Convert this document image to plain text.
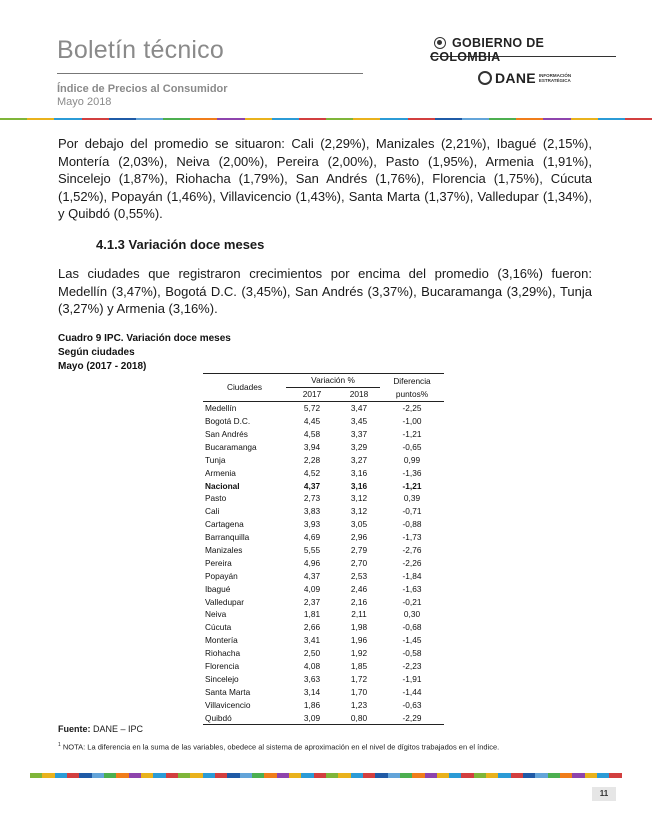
Boletín técnico
Índice de Precios al Consumidor
Mayo 2018
GOBIERNO DE COLOMBIA
DANE INFORMACIÓN ESTRATÉGICA
Por debajo del promedio se situaron: Cali (2,29%), Manizales (2,21%), Ibagué (2,15%), Montería (2,03%), Neiva (2,00%), Pereira (2,00%), Pasto (1,95%), Armenia (1,91%), Sincelejo (1,87%), Riohacha (1,79%), San Andrés (1,76%), Florencia (1,75%), Cúcuta (1,52%), Popayán (1,46%), Villavicencio (1,43%), Santa Marta (1,37%), Valledupar (1,34%), y Quibdó (0,55%).
4.1.3 Variación doce meses
Las ciudades que registraron crecimientos por encima del promedio (3,16%) fueron: Medellín (3,47%), Bogotá D.C. (3,45%), San Andrés (3,37%), Bucaramanga (3,29%), Tunja (3,27%) y Armenia (3,16%).
Cuadro 9 IPC. Variación doce meses
Según ciudades
Mayo (2017 - 2018)
Ciudades	Variación %		Diferencia
	2017	2018	puntos%
Medellín	5,72	3,47	-2,25
Bogotá D.C.	4,45	3,45	-1,00
San Andrés	4,58	3,37	-1,21
Bucaramanga	3,94	3,29	-0,65
Tunja	2,28	3,27	0,99
Armenia	4,52	3,16	-1,36
Nacional	4,37	3,16	-1,21
Pasto	2,73	3,12	0,39
Cali	3,83	3,12	-0,71
Cartagena	3,93	3,05	-0,88
Barranquilla	4,69	2,96	-1,73
Manizales	5,55	2,79	-2,76
Pereira	4,96	2,70	-2,26
Popayán	4,37	2,53	-1,84
Ibagué	4,09	2,46	-1,63
Valledupar	2,37	2,16	-0,21
Neiva	1,81	2,11	0,30
Cúcuta	2,66	1,98	-0,68
Montería	3,41	1,96	-1,45
Riohacha	2,50	1,92	-0,58
Florencia	4,08	1,85	-2,23
Sincelejo	3,63	1,72	-1,91
Santa Marta	3,14	1,70	-1,44
Villavicencio	1,86	1,23	-0,63
Quibdó	3,09	0,80	-2,29
Fuente: DANE – IPC
$^1$ NOTA: La diferencia en la suma de las variables, obedece al sistema de aproximación en el nivel de dígitos trabajados en el índice.
11
